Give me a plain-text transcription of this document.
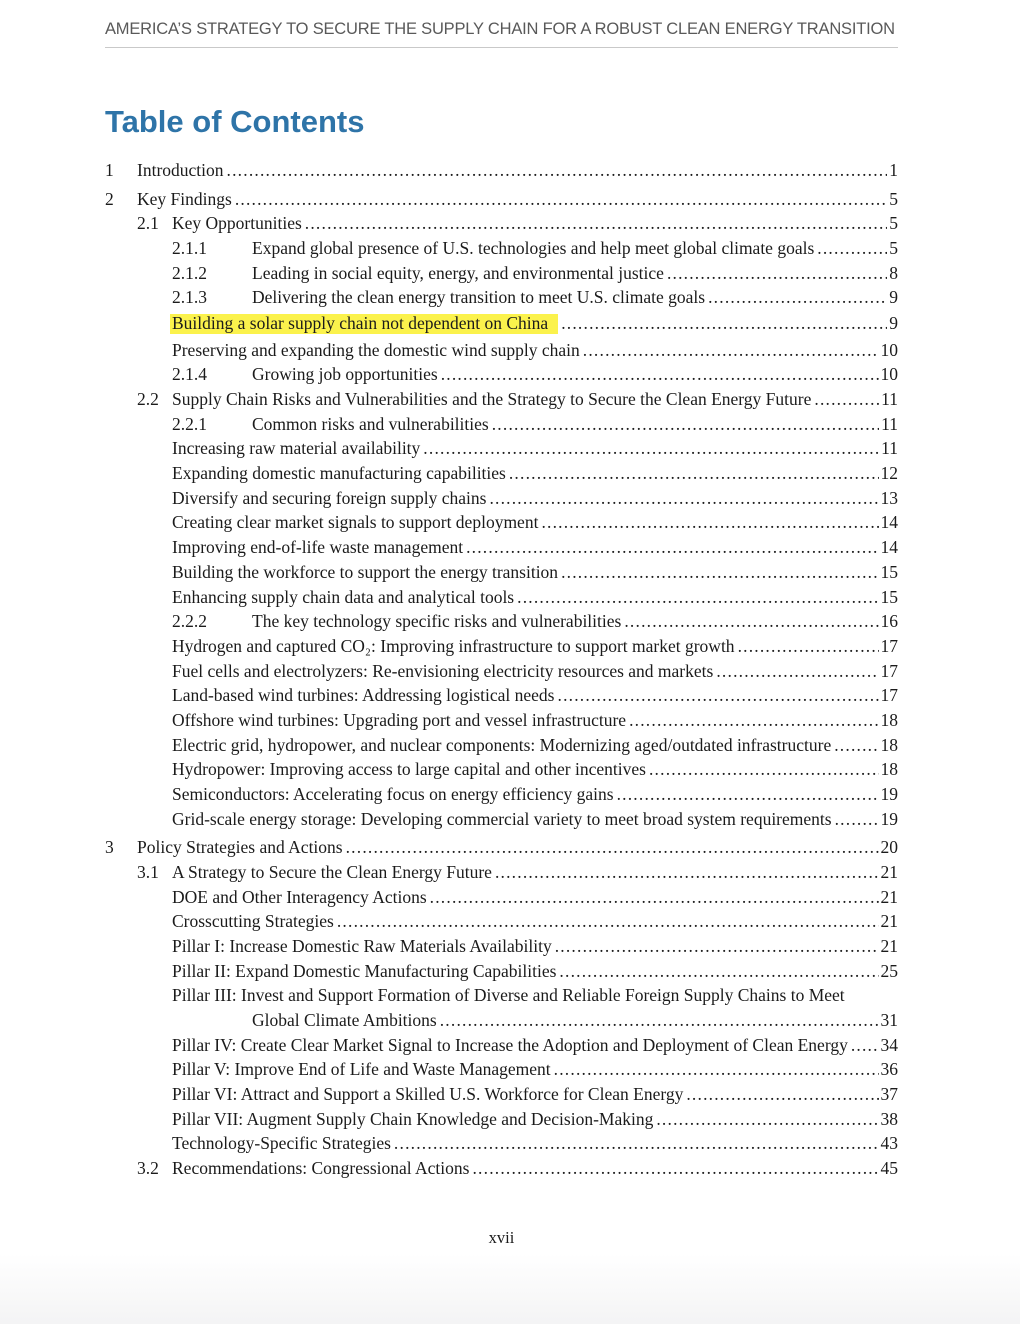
AMERICA’S STRATEGY TO SECURE THE SUPPLY CHAIN FOR A ROBUST CLEAN ENERGY TRANSITION
Table of Contents
1	Introduction .....	1
2	Key Findings .....	5
2.1 Key Opportunities .....	5
2.1.1	Expand global presence of U.S. technologies and help meet global climate goals .....	5
2.1.2	Leading in social equity, energy, and environmental justice .....	8
2.1.3	Delivering the clean energy transition to meet U.S. climate goals .....	9
Building a solar supply chain not dependent on China .....	9
Preserving and expanding the domestic wind supply chain .....	10
2.1.4	Growing job opportunities .....	10
2.2 Supply Chain Risks and Vulnerabilities and the Strategy to Secure the Clean Energy Future .....	11
2.2.1	Common risks and vulnerabilities .....	11
Increasing raw material availability .....	11
Expanding domestic manufacturing capabilities .....	12
Diversify and securing foreign supply chains .....	13
Creating clear market signals to support deployment .....	14
Improving end-of-life waste management .....	14
Building the workforce to support the energy transition .....	15
Enhancing supply chain data and analytical tools .....	15
2.2.2	The key technology specific risks and vulnerabilities .....	16
Hydrogen and captured CO₂: Improving infrastructure to support market growth .....	17
Fuel cells and electrolyzers: Re-envisioning electricity resources and markets .....	17
Land-based wind turbines: Addressing logistical needs .....	17
Offshore wind turbines: Upgrading port and vessel infrastructure .....	18
Electric grid, hydropower, and nuclear components: Modernizing aged/outdated infrastructure .....	18
Hydropower: Improving access to large capital and other incentives .....	18
Semiconductors: Accelerating focus on energy efficiency gains .....	19
Grid-scale energy storage: Developing commercial variety to meet broad system requirements .....	19
3	Policy Strategies and Actions .....	20
3.1 A Strategy to Secure the Clean Energy Future .....	21
DOE and Other Interagency Actions .....	21
Crosscutting Strategies .....	21
Pillar I: Increase Domestic Raw Materials Availability .....	21
Pillar II: Expand Domestic Manufacturing Capabilities .....	25
Pillar III: Invest and Support Formation of Diverse and Reliable Foreign Supply Chains to Meet
Global Climate Ambitions .....	31
Pillar IV: Create Clear Market Signal to Increase the Adoption and Deployment of Clean Energy ..... 34
Pillar V: Improve End of Life and Waste Management .....	36
Pillar VI: Attract and Support a Skilled U.S. Workforce for Clean Energy .....	37
Pillar VII: Augment Supply Chain Knowledge and Decision-Making .....	38
Technology-Specific Strategies .....	43
3.2 Recommendations: Congressional Actions .....	45
xvii
